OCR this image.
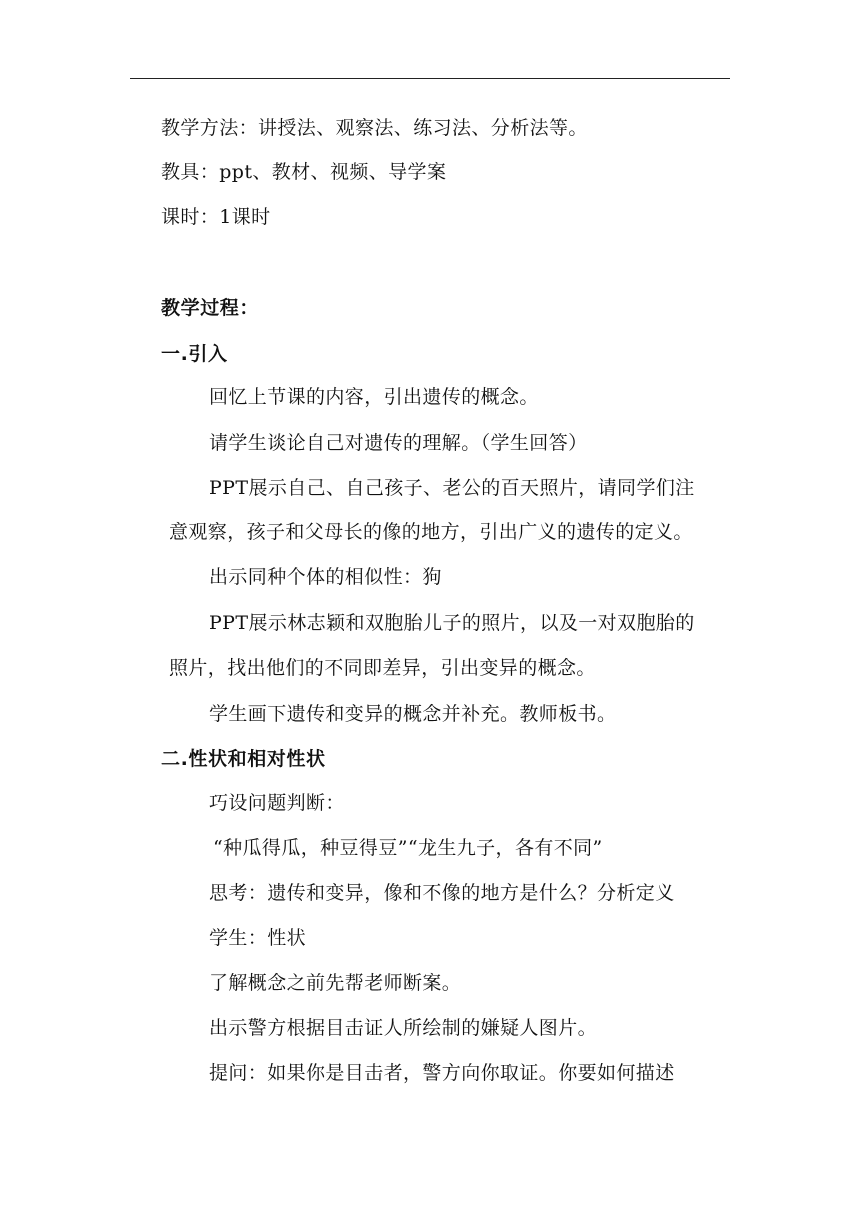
教学方法：讲授法、观察法、练习法、分析法等。
教具：ppt、教材、视频、导学案
课时：1课时
教学过程：
一.引入
回忆上节课的内容，引出遗传的概念。
请学生谈论自己对遗传的理解。（学生回答）
PPT展示自己、自己孩子、老公的百天照片，请同学们注
意观察，孩子和父母长的像的地方，引出广义的遗传的定义。
出示同种个体的相似性：狗
PPT展示林志颖和双胞胎儿子的照片，以及一对双胞胎的
照片，找出他们的不同即差异，引出变异的概念。
学生画下遗传和变异的概念并补充。教师板书。
二.性状和相对性状
巧设问题判断：
“种瓜得瓜，种豆得豆”“龙生九子，各有不同”
思考：遗传和变异，像和不像的地方是什么？分析定义
学生：性状
了解概念之前先帮老师断案。
出示警方根据目击证人所绘制的嫌疑人图片。
提问：如果你是目击者，警方向你取证。你要如何描述
